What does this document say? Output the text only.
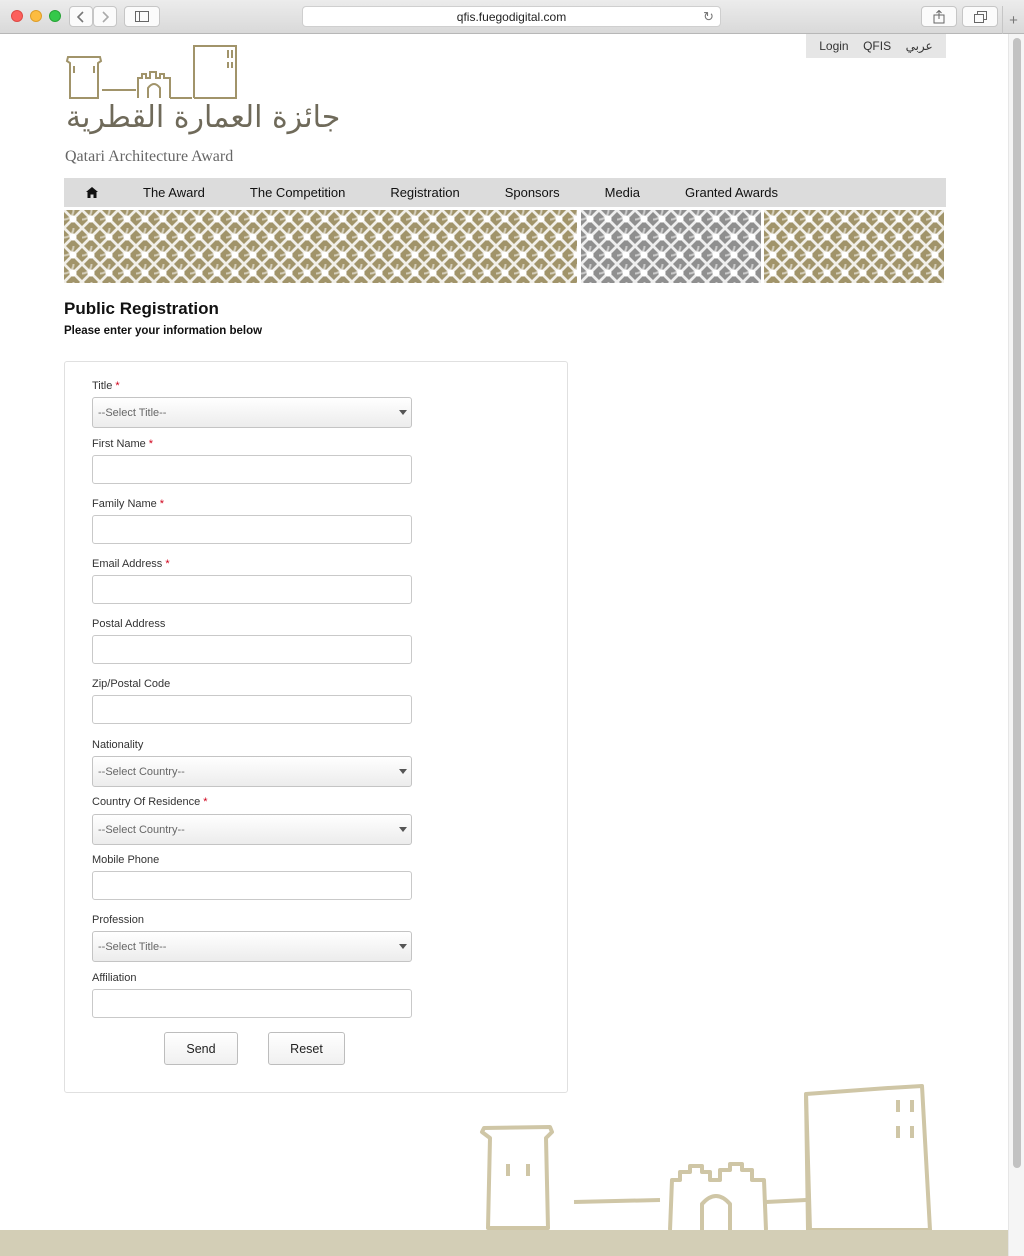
qfis.fuegodigital.com	↻	+
Login QFIS عربي
جائزة العمارة القطرية
Qatari Architecture Award
The Award	The Competition	Registration	Sponsors	Media	Granted Awards
Public Registration
Please enter your information below
Title *
--Select Title--
First Name *
Family Name *
Email Address *
Postal Address
Zip/Postal Code
Nationality
--Select Country--
Country Of Residence *
--Select Country--
Mobile Phone
Profession
--Select Title--
Affiliation
Send	Reset
